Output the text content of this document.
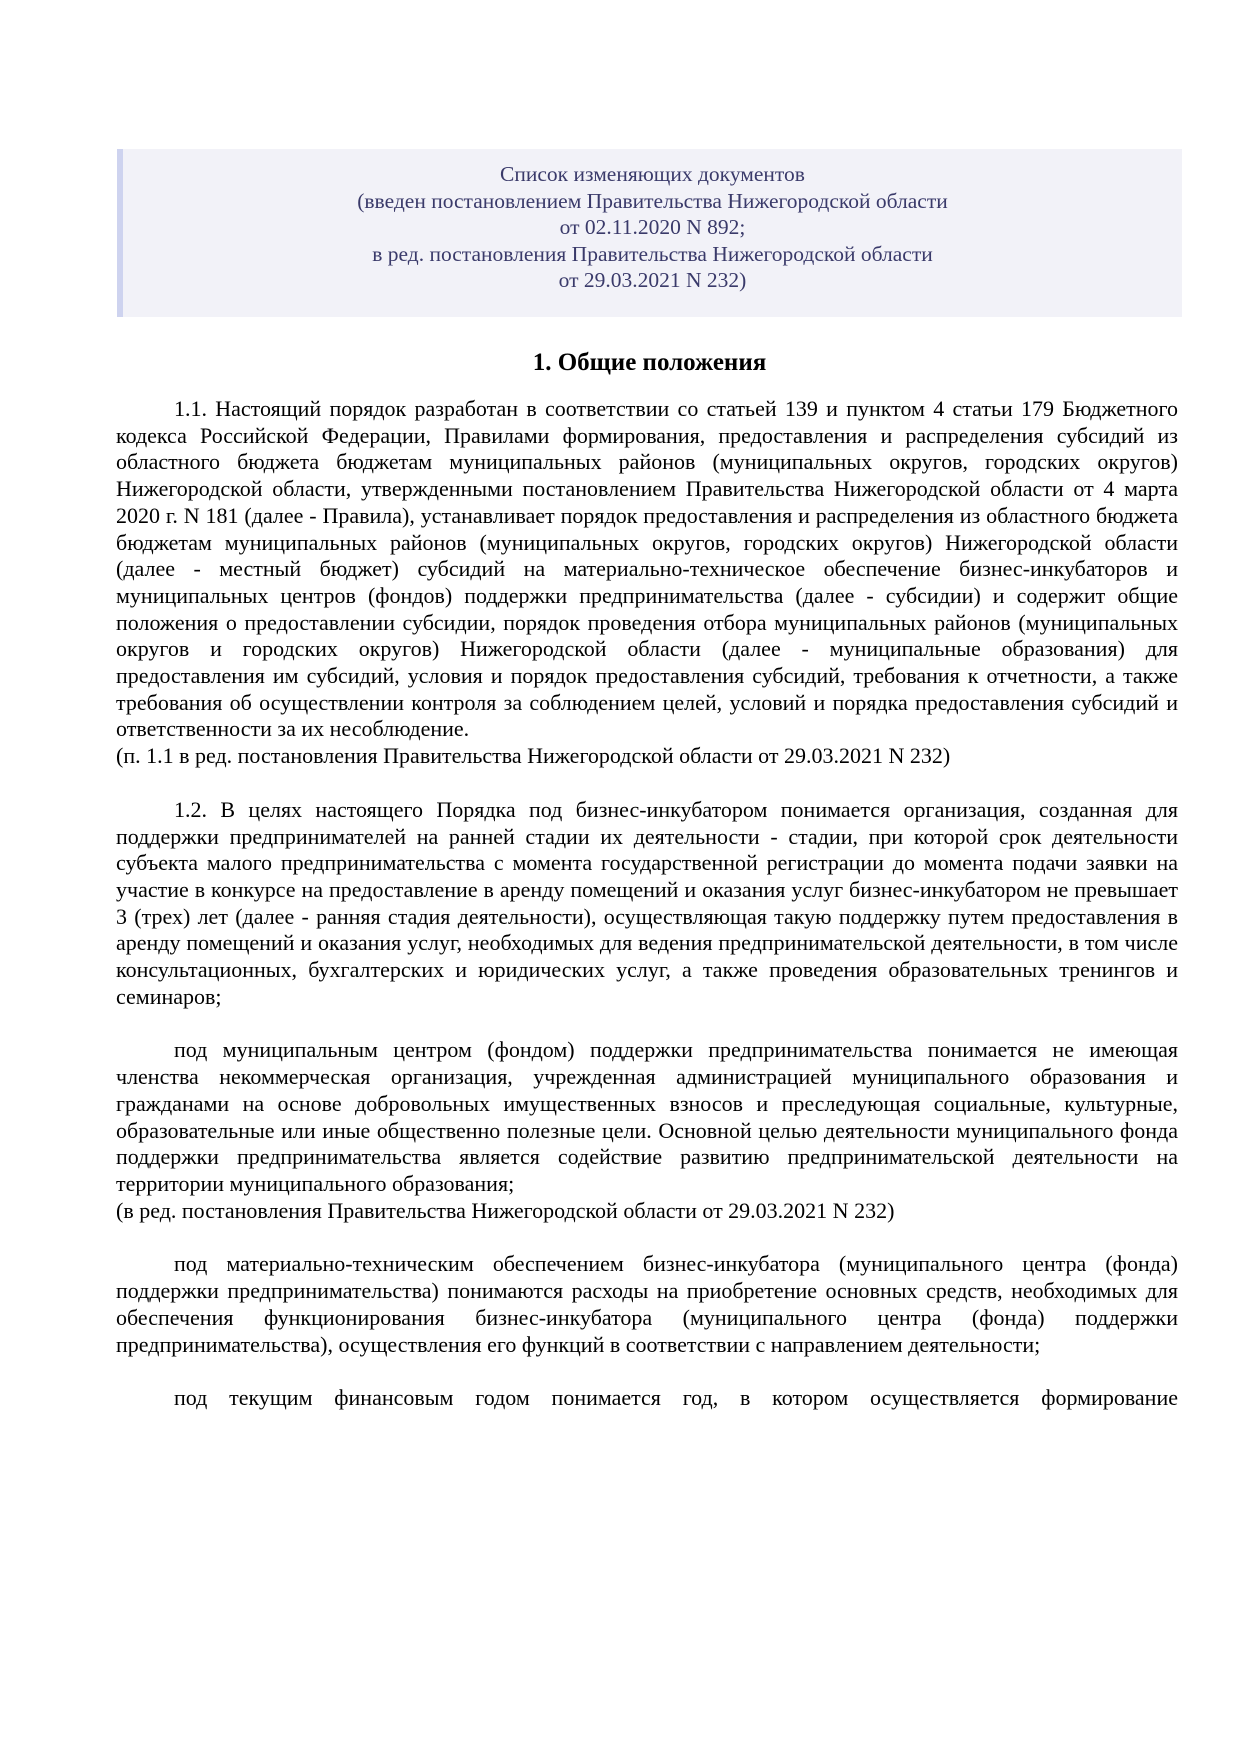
Список изменяющих документов
(введен постановлением Правительства Нижегородской области
от 02.11.2020 N 892;
в ред. постановления Правительства Нижегородской области
от 29.03.2021 N 232)
1. Общие положения

1.1. Настоящий порядок разработан в соответствии со статьей 139 и пунктом 4 статьи 179 Бюджетного кодекса Российской Федерации, Правилами формирования, предоставления и распределения субсидий из областного бюджета бюджетам муниципальных районов (муниципальных округов, городских округов) Нижегородской области, утвержденными постановлением Правительства Нижегородской области от 4 марта 2020 г. N 181 (далее - Правила), устанавливает порядок предоставления и распределения из областного бюджета бюджетам муниципальных районов (муниципальных округов, городских округов) Нижегородской области (далее - местный бюджет) субсидий на материально-техническое обеспечение бизнес-инкубаторов и муниципальных центров (фондов) поддержки предпринимательства (далее - субсидии) и содержит общие положения о предоставлении субсидии, порядок проведения отбора муниципальных районов (муниципальных округов и городских округов) Нижегородской области (далее - муниципальные образования) для предоставления им субсидий, условия и порядок предоставления субсидий, требования к отчетности, а также требования об осуществлении контроля за соблюдением целей, условий и порядка предоставления субсидий и ответственности за их несоблюдение.

(п. 1.1 в ред. постановления Правительства Нижегородской области от 29.03.2021 N 232)

1.2. В целях настоящего Порядка под бизнес-инкубатором понимается организация, созданная для поддержки предпринимателей на ранней стадии их деятельности - стадии, при которой срок деятельности субъекта малого предпринимательства с момента государственной регистрации до момента подачи заявки на участие в конкурсе на предоставление в аренду помещений и оказания услуг бизнес-инкубатором не превышает 3 (трех) лет (далее - ранняя стадия деятельности), осуществляющая такую поддержку путем предоставления в аренду помещений и оказания услуг, необходимых для ведения предпринимательской деятельности, в том числе консультационных, бухгалтерских и юридических услуг, а также проведения образовательных тренингов и семинаров;

под муниципальным центром (фондом) поддержки предпринимательства понимается не имеющая членства некоммерческая организация, учрежденная администрацией муниципального образования и гражданами на основе добровольных имущественных взносов и преследующая социальные, культурные, образовательные или иные общественно полезные цели. Основной целью деятельности муниципального фонда поддержки предпринимательства является содействие развитию предпринимательской деятельности на территории муниципального образования;

(в ред. постановления Правительства Нижегородской области от 29.03.2021 N 232)

под материально-техническим обеспечением бизнес-инкубатора (муниципального центра (фонда) поддержки предпринимательства) понимаются расходы на приобретение основных средств, необходимых для обеспечения функционирования бизнес-инкубатора (муниципального центра (фонда) поддержки предпринимательства), осуществления его функций в соответствии с направлением деятельности;

под текущим финансовым годом понимается год, в котором осуществляется формирование
